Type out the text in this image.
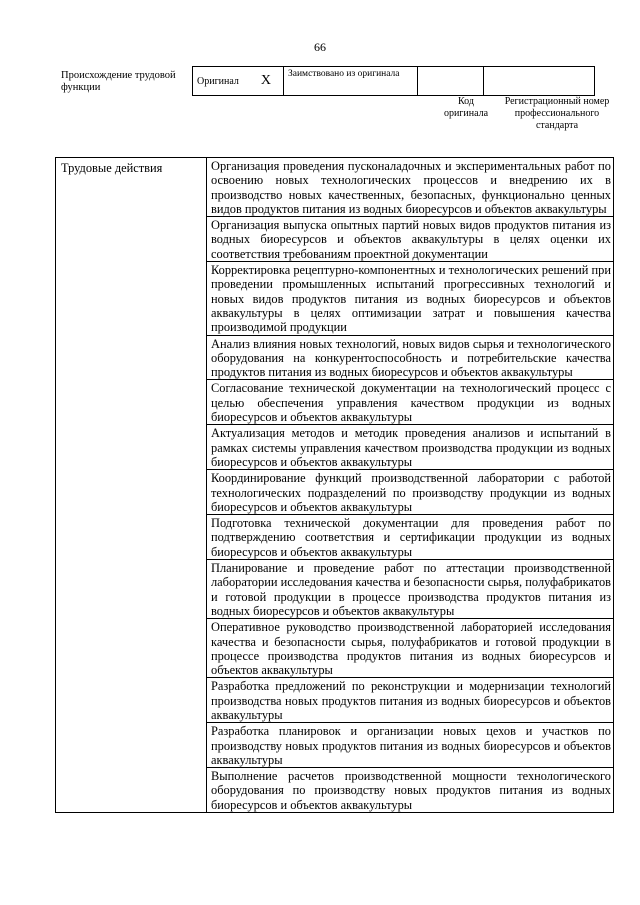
66
Происхождение трудовой функции
Оригинал X	Заимствовано из оригинала		
Код оригинала
Регистрационный номер профессионального стандарта
Трудовые действия	Организация проведения пусконаладочных и экспериментальных работ по освоению новых технологических процессов и внедрению их в производство новых качественных, безопасных, функционально ценных видов продуктов питания из водных биоресурсов и объектов аквакультуры
Организация выпуска опытных партий новых видов продуктов питания из водных биоресурсов и объектов аквакультуры в целях оценки их соответствия требованиям проектной документации
Корректировка рецептурно-компонентных и технологических решений при проведении промышленных испытаний прогрессивных технологий и новых видов продуктов питания из водных биоресурсов и объектов аквакультуры в целях оптимизации затрат и повышения качества производимой продукции
Анализ влияния новых технологий, новых видов сырья и технологического оборудования на конкурентоспособность и потребительские качества продуктов питания из водных биоресурсов и объектов аквакультуры
Согласование технической документации на технологический процесс с целью обеспечения управления качеством продукции из водных биоресурсов и объектов аквакультуры
Актуализация методов и методик проведения анализов и испытаний в рамках системы управления качеством производства продукции из водных биоресурсов и объектов аквакультуры
Координирование функций производственной лаборатории с работой технологических подразделений по производству продукции из водных биоресурсов и объектов аквакультуры
Подготовка технической документации для проведения работ по подтверждению соответствия и сертификации продукции из водных биоресурсов и объектов аквакультуры
Планирование и проведение работ по аттестации производственной лаборатории исследования качества и безопасности сырья, полуфабрикатов и готовой продукции в процессе производства продуктов питания из водных биоресурсов и объектов аквакультуры
Оперативное руководство производственной лабораторией исследования качества и безопасности сырья, полуфабрикатов и готовой продукции в процессе производства продуктов питания из водных биоресурсов и объектов аквакультуры
Разработка предложений по реконструкции и модернизации технологий производства новых продуктов питания из водных биоресурсов и объектов аквакультуры
Разработка планировок и организации новых цехов и участков по производству новых продуктов питания из водных биоресурсов и объектов аквакультуры
Выполнение расчетов производственной мощности технологического оборудования по производству новых продуктов питания из водных биоресурсов и объектов аквакультуры
